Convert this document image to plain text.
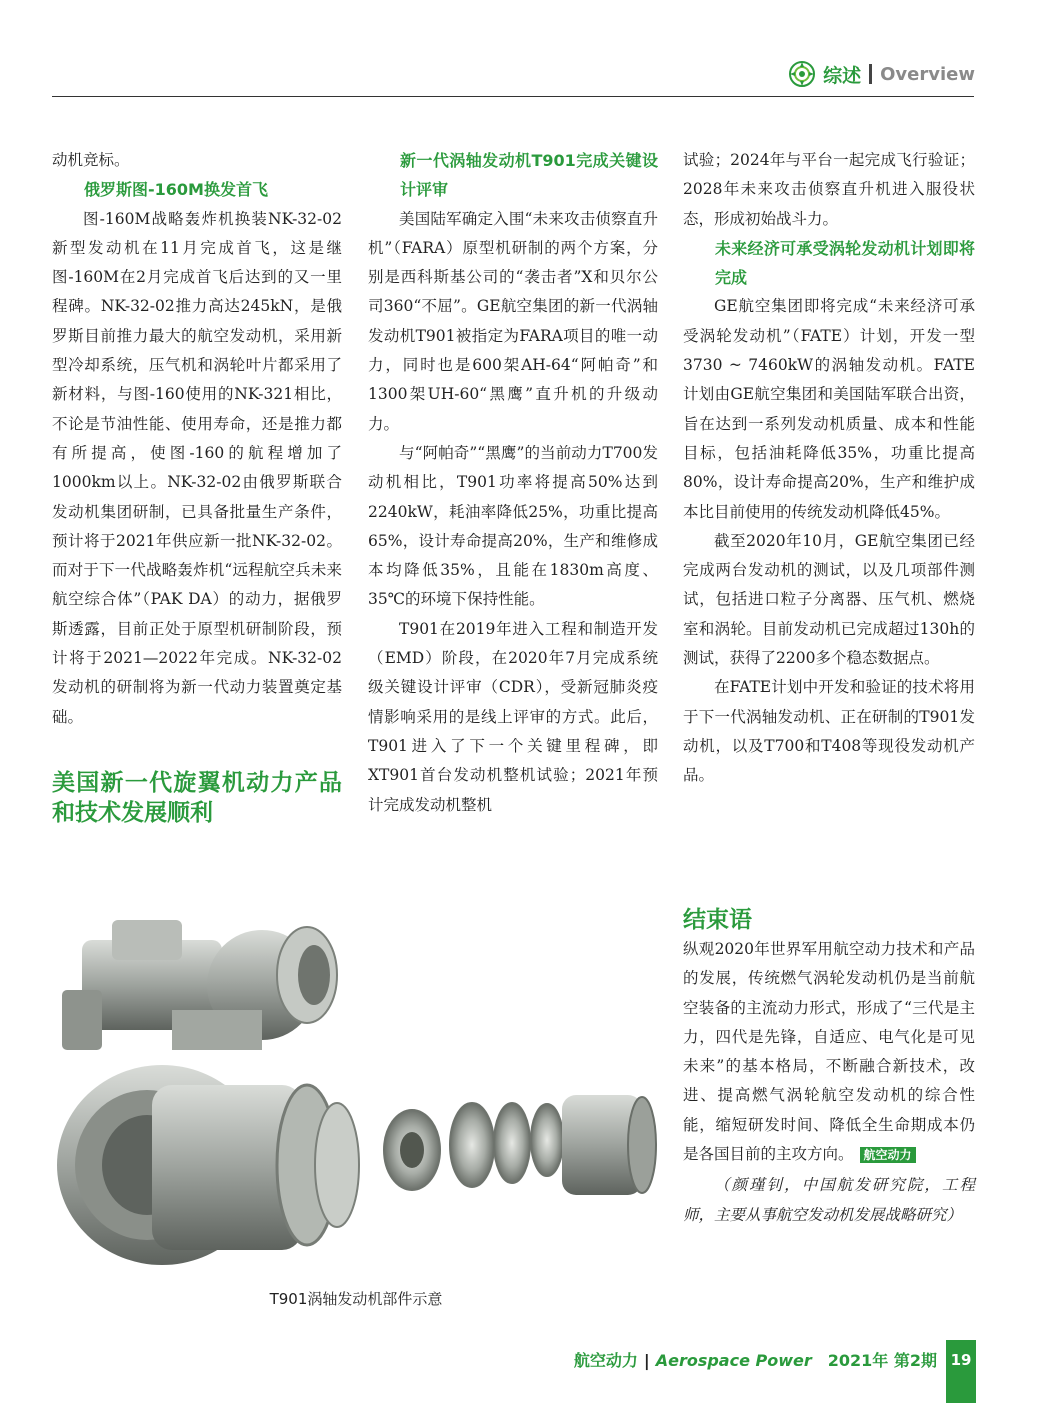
综述 Overview

动机竞标。

俄罗斯图-160M换发首飞

图-160M战略轰炸机换装NK-32-02新型发动机在11月完成首飞，这是继图-160M在2月完成首飞后达到的又一里程碑。NK-32-02推力高达245kN，是俄罗斯目前推力最大的航空发动机，采用新型冷却系统，压气机和涡轮叶片都采用了新材料，与图-160使用的NK-321相比，不论是节油性能、使用寿命，还是推力都有所提高，使图-160的航程增加了1000km以上。NK-32-02由俄罗斯联合发动机集团研制，已具备批量生产条件，预计将于2021年供应新一批NK-32-02。而对于下一代战略轰炸机“远程航空兵未来航空综合体”（PAK DA）的动力，据俄罗斯透露，目前正处于原型机研制阶段，预计将于2021—2022年完成。NK-32-02发动机的研制将为新一代动力装置奠定基础。

美国新一代旋翼机动力产品和技术发展顺利
新一代涡轴发动机T901完成关键设计评审

美国陆军确定入围“未来攻击侦察直升机”（FARA）原型机研制的两个方案，分别是西科斯基公司的“袭击者”X和贝尔公司360“不屈”。GE航空集团的新一代涡轴发动机T901被指定为FARA项目的唯一动力，同时也是600架AH-64“阿帕奇”和1300架UH-60“黑鹰”直升机的升级动力。

与“阿帕奇”“黑鹰”的当前动力T700发动机相比，T901功率将提高50%达到2240kW，耗油率降低25%，功重比提高65%，设计寿命提高20%，生产和维修成本均降低35%，且能在1830m高度、35℃的环境下保持性能。

T901在2019年进入工程和制造开发（EMD）阶段，在2020年7月完成系统级关键设计评审（CDR），受新冠肺炎疫情影响采用的是线上评审的方式。此后，T901进入了下一个关键里程碑，即XT901首台发动机整机试验；2021年预计完成发动机整机

试验；2024年与平台一起完成飞行验证；2028年未来攻击侦察直升机进入服役状态，形成初始战斗力。

未来经济可承受涡轮发动机计划即将完成

GE航空集团即将完成“未来经济可承受涡轮发动机”（FATE）计划，开发一型3730 ~ 7460kW的涡轴发动机。FATE计划由GE航空集团和美国陆军联合出资，旨在达到一系列发动机质量、成本和性能目标，包括油耗降低35%，功重比提高80%，设计寿命提高20%，生产和维护成本比目前使用的传统发动机降低45%。

截至2020年10月，GE航空集团已经完成两台发动机的测试，以及几项部件测试，包括进口粒子分离器、压气机、燃烧室和涡轮。目前发动机已完成超过130h的测试，获得了2200多个稳态数据点。

在FATE计划中开发和验证的技术将用于下一代涡轴发动机、正在研制的T901发动机，以及T700和T408等现役发动机产品。

T901涡轴发动机部件示意
结束语

纵观2020年世界军用航空动力技术和产品的发展，传统燃气涡轮发动机仍是当前航空装备的主流动力形式，形成了“三代是主力，四代是先锋，自适应、电气化是可见未来”的基本格局，不断融合新技术，改进、提高燃气涡轮航空发动机的综合性能，缩短研发时间、降低全生命期成本仍是各国目前的主攻方向。 航空动力

（颜瑾钊，中国航发研究院，工程师，主要从事航空发动机发展战略研究）

航空动力 | Aerospace Power 2021年 第2期 19
